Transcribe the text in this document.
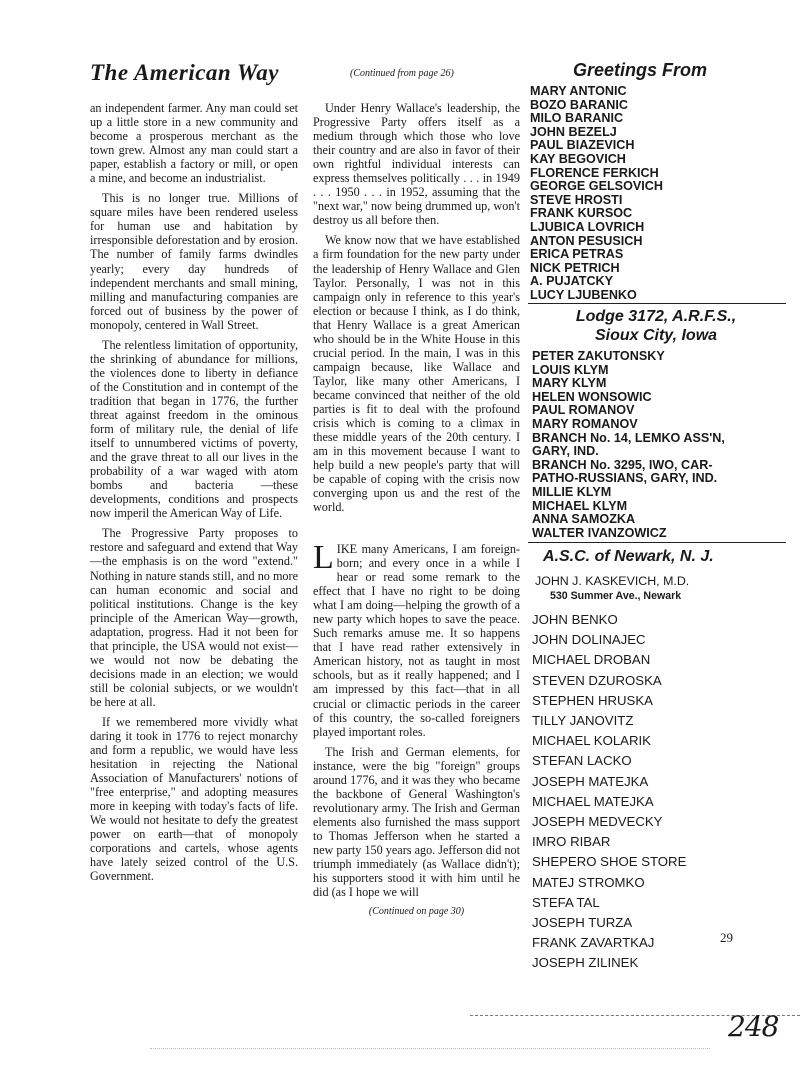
The American Way	(Continued from page 26)	Greetings From

an independent farmer. Any man could set up a little store in a new community and become a prosperous merchant as the town grew. Almost any man could start a paper, establish a factory or mill, or open a mine, and become an industrialist.

This is no longer true. Millions of square miles have been rendered useless for human use and habitation by irresponsible deforestation and by erosion. The number of family farms dwindles yearly; every day hundreds of independent merchants and small mining, milling and manufacturing companies are forced out of business by the power of monopoly, centered in Wall Street.

The relentless limitation of opportunity, the shrinking of abundance for millions, the violences done to liberty in defiance of the Constitution and in contempt of the tradition that began in 1776, the further threat against freedom in the ominous form of military rule, the denial of life itself to unnumbered victims of poverty, and the grave threat to all our lives in the probability of a war waged with atom bombs and bacteria —these developments, conditions and prospects now imperil the American Way of Life.

The Progressive Party proposes to restore and safeguard and extend that Way—the emphasis is on the word "extend." Nothing in nature stands still, and no more can human economic and social and political institutions. Change is the key principle of the American Way—growth, adaptation, progress. Had it not been for that principle, the USA would not exist—we would not now be debating the decisions made in an election; we would still be colonial subjects, or we wouldn't be here at all.

If we remembered more vividly what daring it took in 1776 to reject monarchy and form a republic, we would have less hesitation in rejecting the National Association of Manufacturers' notions of "free enterprise," and adopting measures more in keeping with today's facts of life. We would not hesitate to defy the greatest power on earth—that of monopoly corporations and cartels, whose agents have lately seized control of the U.S. Government.

Under Henry Wallace's leadership, the Progressive Party offers itself as a medium through which those who love their country and are also in favor of their own rightful individual interests can express themselves politically . . . in 1949 . . . 1950 . . . in 1952, assuming that the "next war," now being drummed up, won't destroy us all before then.

We know now that we have established a firm foundation for the new party under the leadership of Henry Wallace and Glen Taylor. Personally, I was not in this campaign only in reference to this year's election or because I think, as I do think, that Henry Wallace is a great American who should be in the White House in this crucial period. In the main, I was in this campaign because, like Wallace and Taylor, like many other Americans, I became convinced that neither of the old parties is fit to deal with the profound crisis which is coming to a climax in these middle years of the 20th century. I am in this movement because I want to help build a new people's party that will be capable of coping with the crisis now converging upon us and the rest of the world.

LIKE many Americans, I am foreign-born; and every once in a while I hear or read some remark to the effect that I have no right to be doing what I am doing—helping the growth of a new party which hopes to save the peace. Such remarks amuse me. It so happens that I have read rather extensively in American history, not as taught in most schools, but as it really happened; and I am impressed by this fact—that in all crucial or climactic periods in the career of this country, the so-called foreigners played important roles.

The Irish and German elements, for instance, were the big "foreign" groups around 1776, and it was they who became the backbone of General Washington's revolutionary army. The Irish and German elements also furnished the mass support to Thomas Jefferson when he started a new party 150 years ago. Jefferson did not triumph immediately (as Wallace didn't); his supporters stood it with him until he did (as I hope we will

(Continued on page 30)
MARY ANTONIC
BOZO BARANIC
MILO BARANIC
JOHN BEZELJ
PAUL BIAZEVICH
KAY BEGOVICH
FLORENCE FERKICH
GEORGE GELSOVICH
STEVE HROSTI
FRANK KURSOC
LJUBICA LOVRICH
ANTON PESUSICH
ERICA PETRAS
NICK PETRICH
A. PUJATCKY
LUCY LJUBENKO
Lodge 3172, A.R.F.S.,
Sioux City, Iowa
PETER ZAKUTONSKY
LOUIS KLYM
MARY KLYM
HELEN WONSOWIC
PAUL ROMANOV
MARY ROMANOV
BRANCH No. 14, LEMKO ASS'N,
GARY, IND.
BRANCH No. 3295, IWO, CAR-
PATHO-RUSSIANS, GARY, IND.
MILLIE KLYM
MICHAEL KLYM
ANNA SAMOZKA
WALTER IVANZOWICZ
A.S.C. of Newark, N. J.
JOHN J. KASKEVICH, M.D.
530 Summer Ave., Newark
JOHN BENKO
JOHN DOLINAJEC
MICHAEL DROBAN
STEVEN DZUROSKA
STEPHEN HRUSKA
TILLY JANOVITZ
MICHAEL KOLARIK
STEFAN LACKO
JOSEPH MATEJKA
MICHAEL MATEJKA
JOSEPH MEDVECKY
IMRO RIBAR
SHEPERO SHOE STORE
MATEJ STROMKO
STEFA TAL
JOSEPH TURZA
FRANK ZAVARTKAJ
JOSEPH ZILINEK
29
248
